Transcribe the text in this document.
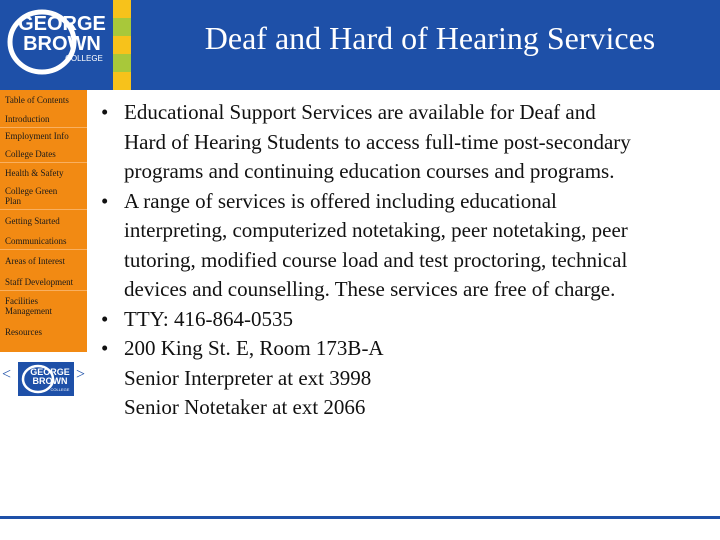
GEORGE
BROWN
COLLEGE
Deaf and Hard of Hearing Services
Table of Contents
Introduction
Employment Info
College Dates
Health & Safety
College Green Plan
Getting Started
Communications
Areas of Interest
Staff Development
Facilities Management
Resources
< GEORGE
BROWN
COLLEGE
>
• Educational Support Services are available for Deaf and
Hard of Hearing Students to access full-time post-secondary
programs and continuing education courses and programs.
• A range of services is offered including educational
interpreting, computerized notetaking, peer notetaking, peer
tutoring, modified course load and test proctoring, technical
devices and counselling. These services are free of charge.
• TTY: 416-864-0535
• 200 King St. E, Room 173B-A
Senior Interpreter at ext 3998
Senior Notetaker at ext 2066
